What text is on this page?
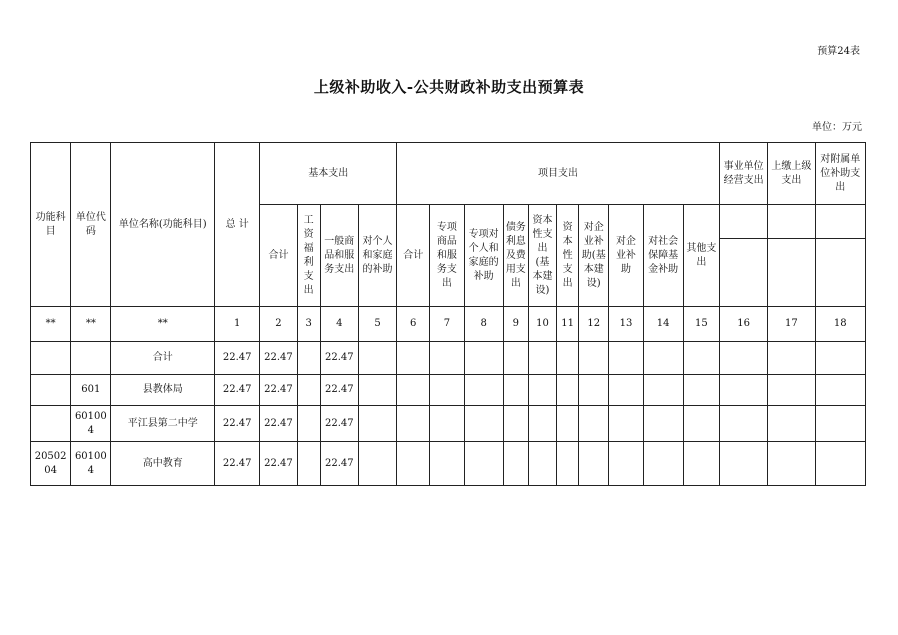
预算24表
上级补助收入-公共财政补助支出预算表
单位：万元
功能科目	单位代码	单位名称(功能科目)	总 计	基本支出				项目支出										事业单位经营支出	上缴上级支出	对附属单位补助支出
				合计	工资福利支出	一般商品和服务支出	对个人和家庭的补助	合计	专项商品和服务支出	专项对个人和家庭的补助	债务利息及费用支出	资本性支出(基本建设)	资本性支出	对企业补助(基本建设)	对企业补助	对社会保障基金补助	其他支出			

**	**	**	1	2	3	4	5	6	7	8	9	10	11	12	13	14	15	16	17	18
		合计	22.47	22.47		22.47														
	601	县教体局	22.47	22.47		22.47														
	601004	平江县第二中学	22.47	22.47		22.47														
2050204	601004	高中教育	22.47	22.47		22.47														
